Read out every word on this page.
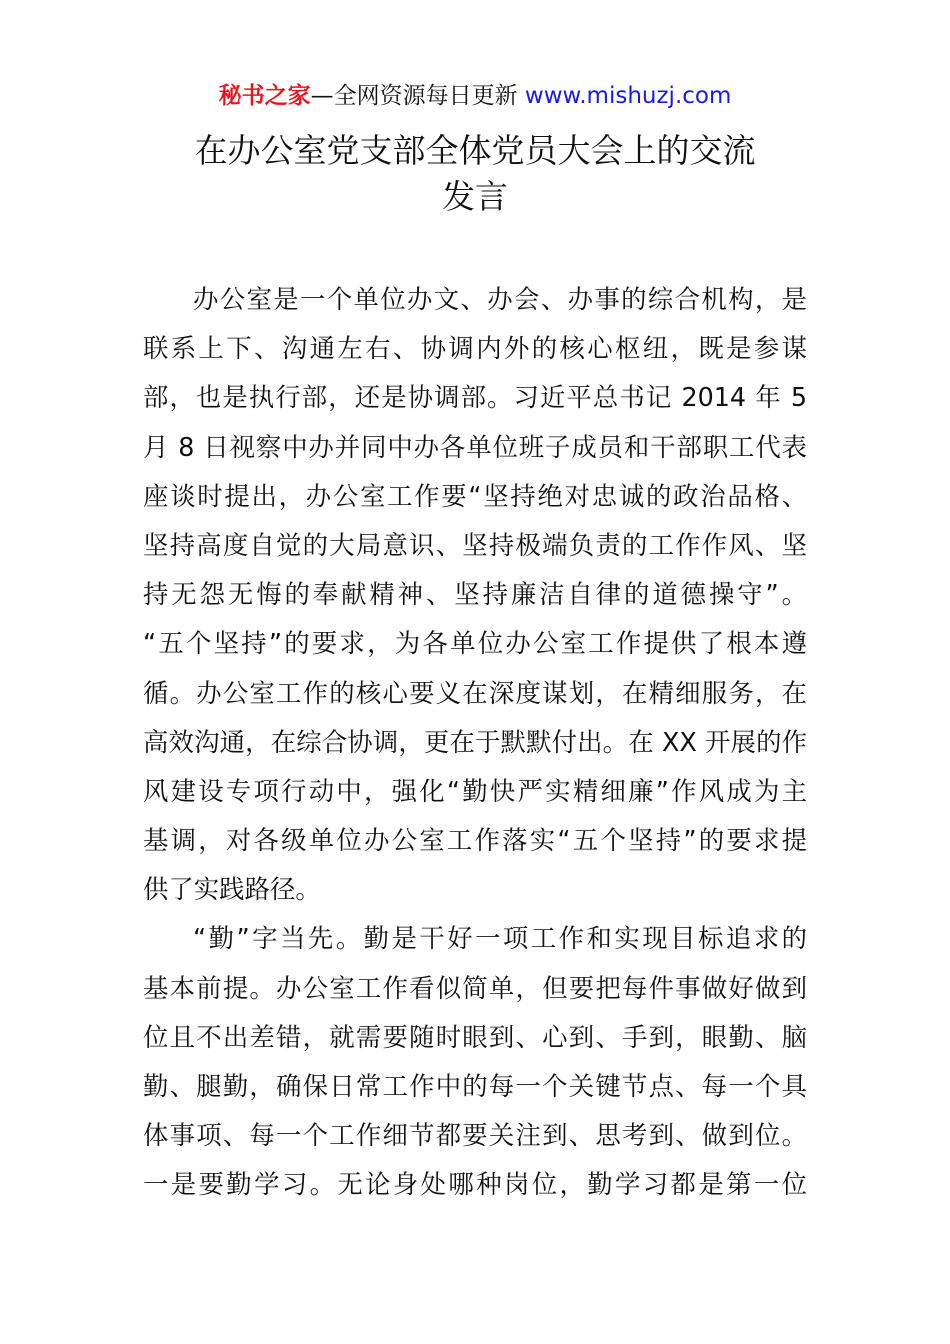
秘书之家—全网资源每日更新 www.mishuzj.com
在办公室党支部全体党员大会上的交流
发言
办公室是一个单位办文、办会、办事的综合机构，是
联系上下、沟通左右、协调内外的核心枢纽，既是参谋
部，也是执行部，还是协调部。习近平总书记 2014 年 5
月 8 日视察中办并同中办各单位班子成员和干部职工代表
座谈时提出，办公室工作要“坚持绝对忠诚的政治品格、
坚持高度自觉的大局意识、坚持极端负责的工作作风、坚
持无怨无悔的奉献精神、坚持廉洁自律的道德操守”。
“五个坚持”的要求，为各单位办公室工作提供了根本遵
循。办公室工作的核心要义在深度谋划，在精细服务，在
高效沟通，在综合协调，更在于默默付出。在 XX 开展的作
风建设专项行动中，强化“勤快严实精细廉”作风成为主
基调，对各级单位办公室工作落实“五个坚持”的要求提
供了实践路径。
“勤”字当先。勤是干好一项工作和实现目标追求的
基本前提。办公室工作看似简单，但要把每件事做好做到
位且不出差错，就需要随时眼到、心到、手到，眼勤、脑
勤、腿勤，确保日常工作中的每一个关键节点、每一个具
体事项、每一个工作细节都要关注到、思考到、做到位。
一是要勤学习。无论身处哪种岗位，勤学习都是第一位
